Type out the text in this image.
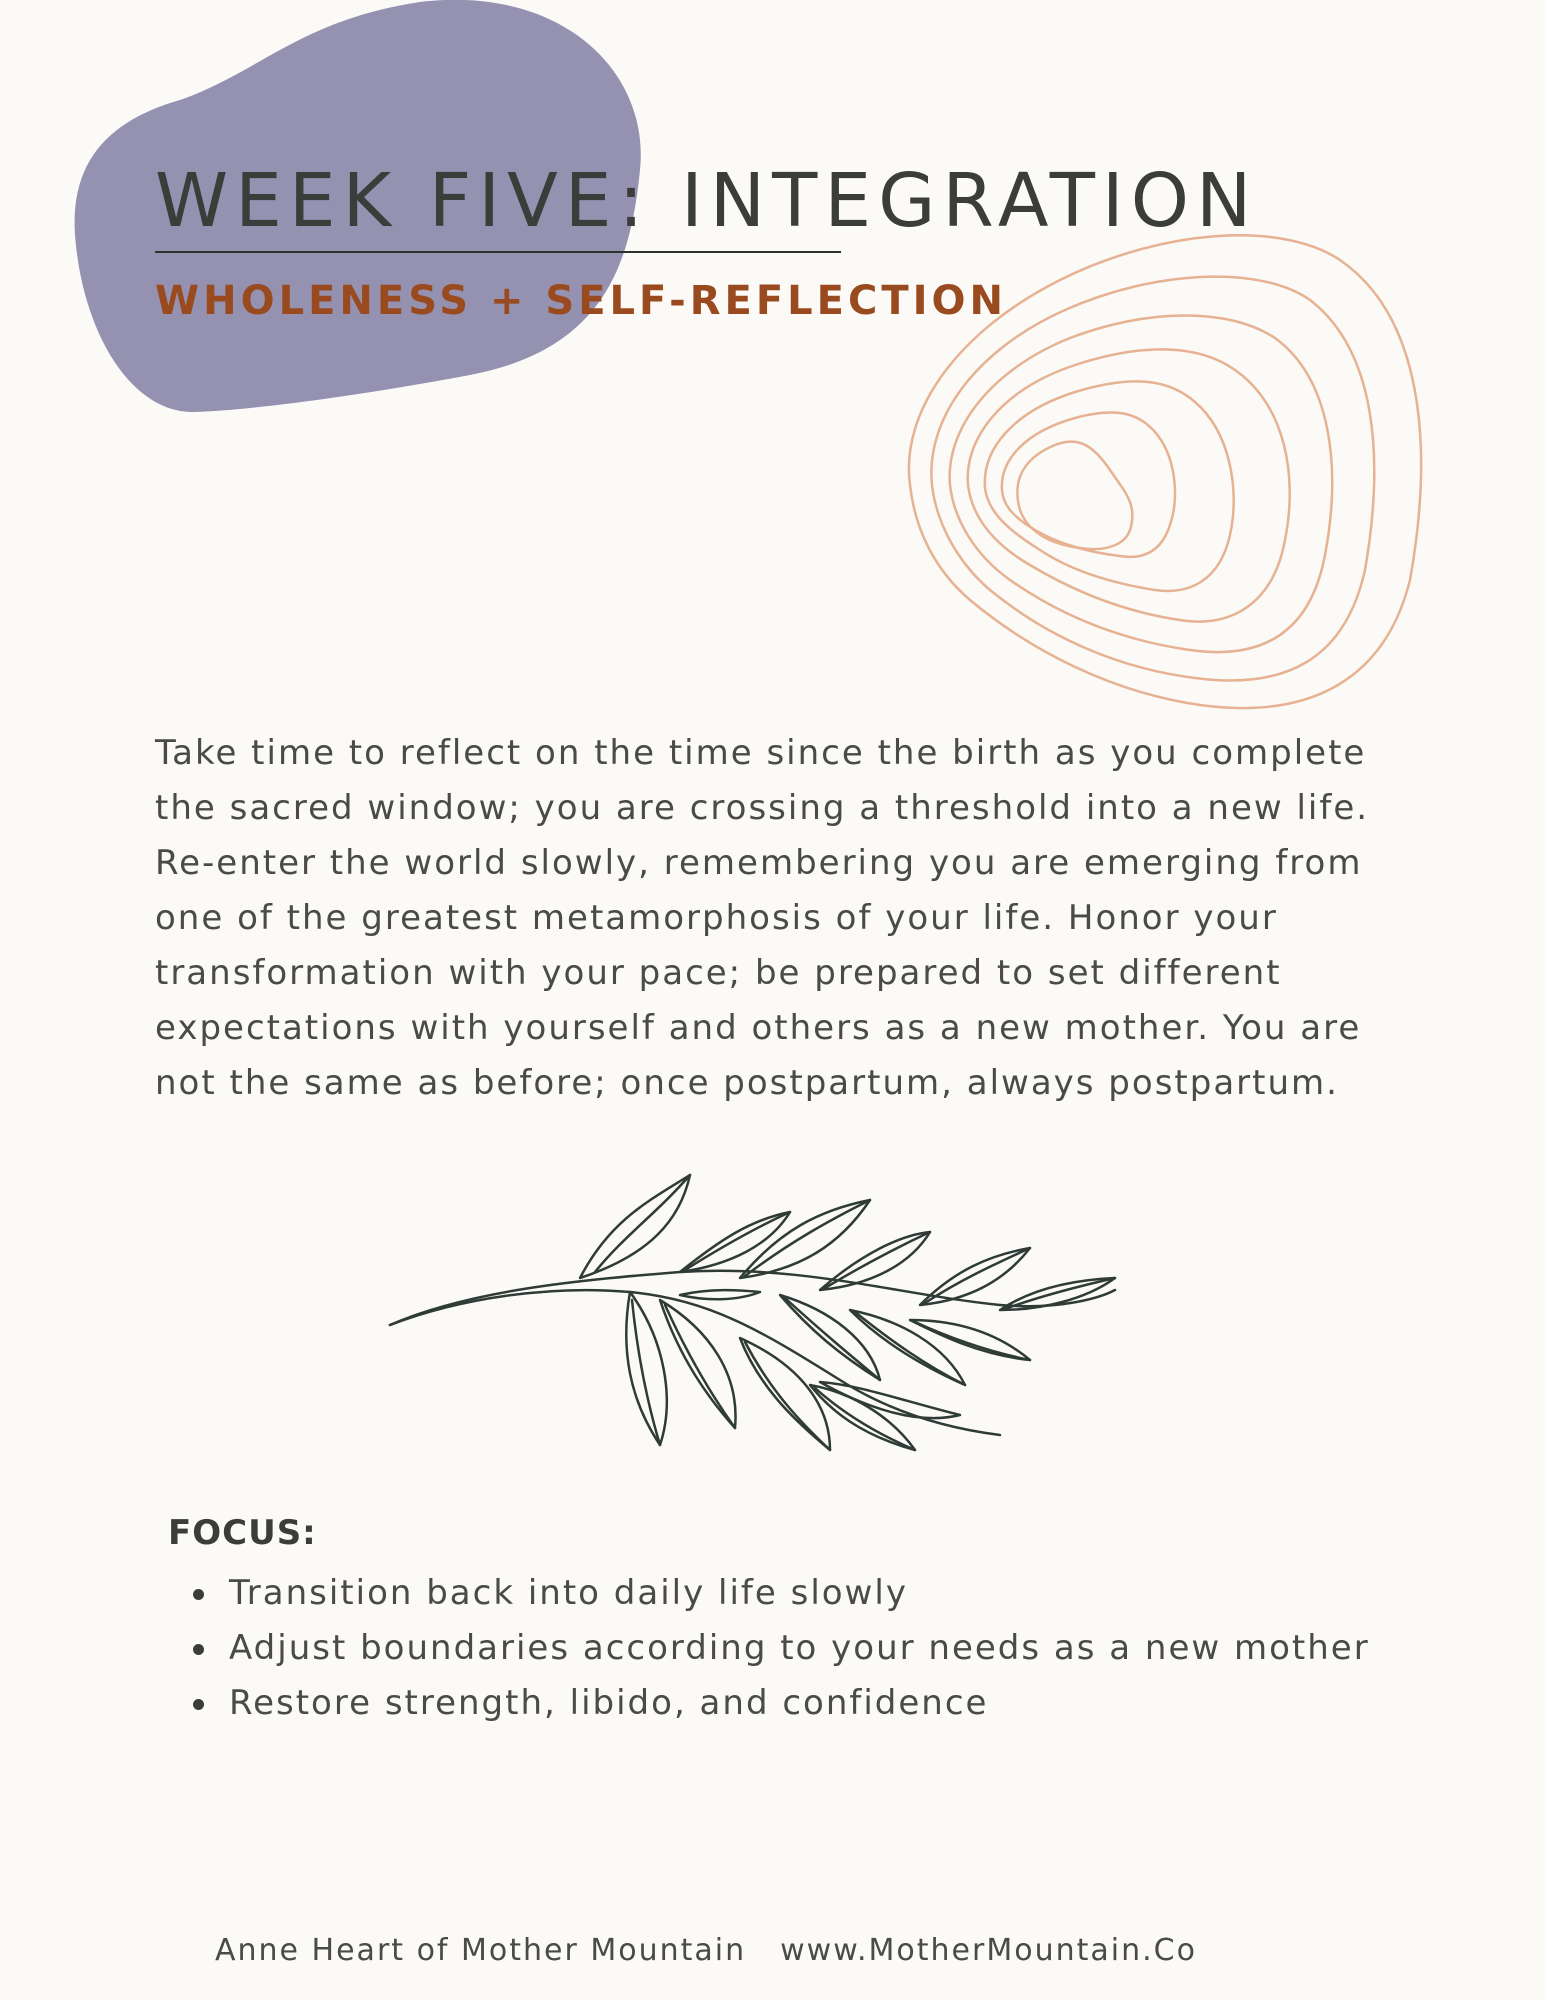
WEEK FIVE: INTEGRATION
WHOLENESS + SELF-REFLECTION

Take time to reflect on the time since the birth as you complete the sacred window; you are crossing a threshold into a new life. Re-enter the world slowly, remembering you are emerging from one of the greatest metamorphosis of your life. Honor your transformation with your pace; be prepared to set different expectations with yourself and others as a new mother. You are not the same as before; once postpartum, always postpartum.

FOCUS:
Transition back into daily life slowly
Adjust boundaries according to your needs as a new mother
Restore strength, libido, and confidence
Anne Heart of Mother Mountain www.MotherMountain.Co
